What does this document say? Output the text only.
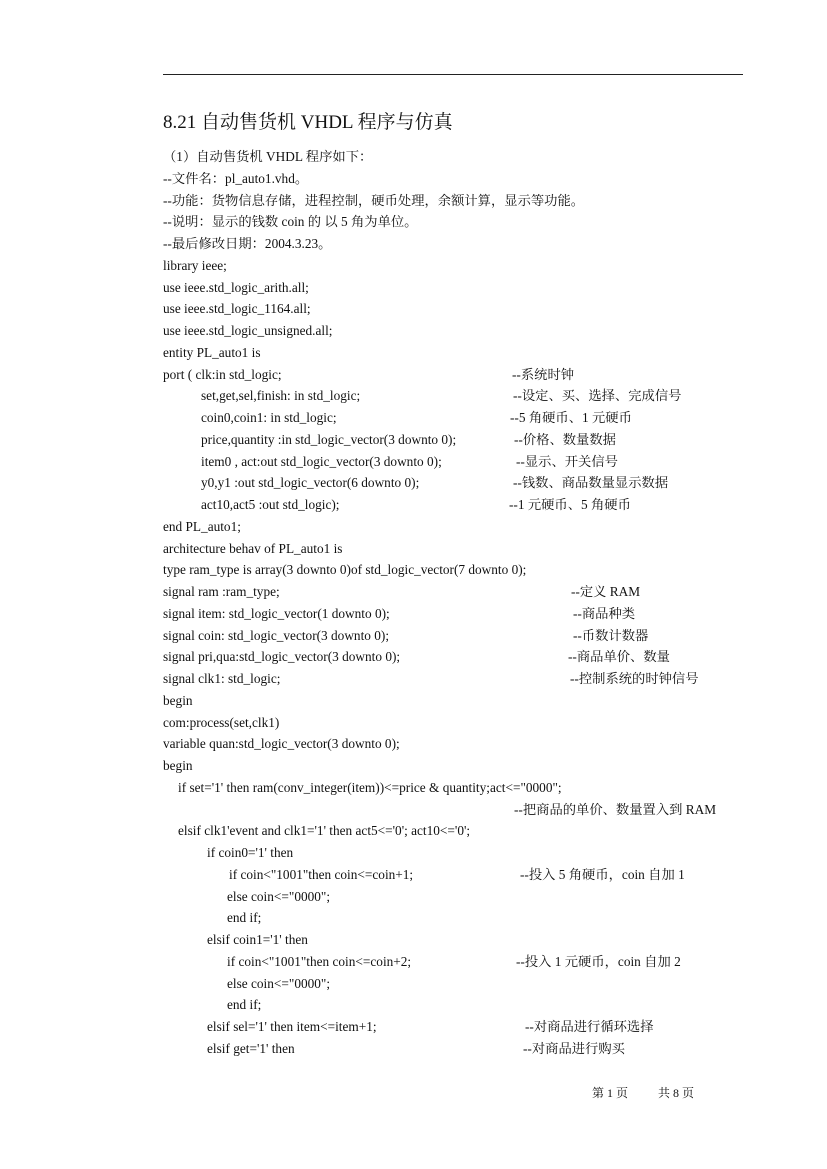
8.21 自动售货机 VHDL 程序与仿真
（1）自动售货机 VHDL 程序如下：
--文件名：pl_auto1.vhd。
--功能：货物信息存储，进程控制，硬币处理，余额计算，显示等功能。
--说明：显示的钱数 coin 的 以 5 角为单位。
--最后修改日期：2004.3.23。
library ieee;
use ieee.std_logic_arith.all;
use ieee.std_logic_1164.all;
use ieee.std_logic_unsigned.all;
entity PL_auto1 is
port ( clk:in std_logic;	--系统时钟
set,get,sel,finish: in std_logic;	--设定、买、选择、完成信号
coin0,coin1: in std_logic;	--5 角硬币、1 元硬币
price,quantity :in std_logic_vector(3 downto 0);	--价格、数量数据
item0 , act:out std_logic_vector(3 downto 0);	--显示、开关信号
y0,y1 :out std_logic_vector(6 downto 0);	--钱数、商品数量显示数据
act10,act5 :out std_logic);	--1 元硬币、5 角硬币
end PL_auto1;
architecture behav of PL_auto1 is
type ram_type is array(3 downto 0)of std_logic_vector(7 downto 0);
signal ram :ram_type;	--定义 RAM
signal item: std_logic_vector(1 downto 0);	--商品种类
signal coin: std_logic_vector(3 downto 0);	--币数计数器
signal pri,qua:std_logic_vector(3 downto 0);	--商品单价、数量
signal clk1: std_logic;	--控制系统的时钟信号
begin
com:process(set,clk1)
variable quan:std_logic_vector(3 downto 0);
begin
if set='1' then ram(conv_integer(item))<=price & quantity;act<="0000";
--把商品的单价、数量置入到 RAM
elsif clk1'event and clk1='1' then act5<='0'; act10<='0';
if coin0='1' then
if coin<"1001"then coin<=coin+1;	--投入 5 角硬币，coin 自加 1
else coin<="0000";
end if;
elsif coin1='1' then
if coin<"1001"then coin<=coin+2;	--投入 1 元硬币，coin 自加 2
else coin<="0000";
end if;
elsif sel='1' then item<=item+1;	--对商品进行循环选择
elsif get='1' then	--对商品进行购买
第 1 页	共 8 页
